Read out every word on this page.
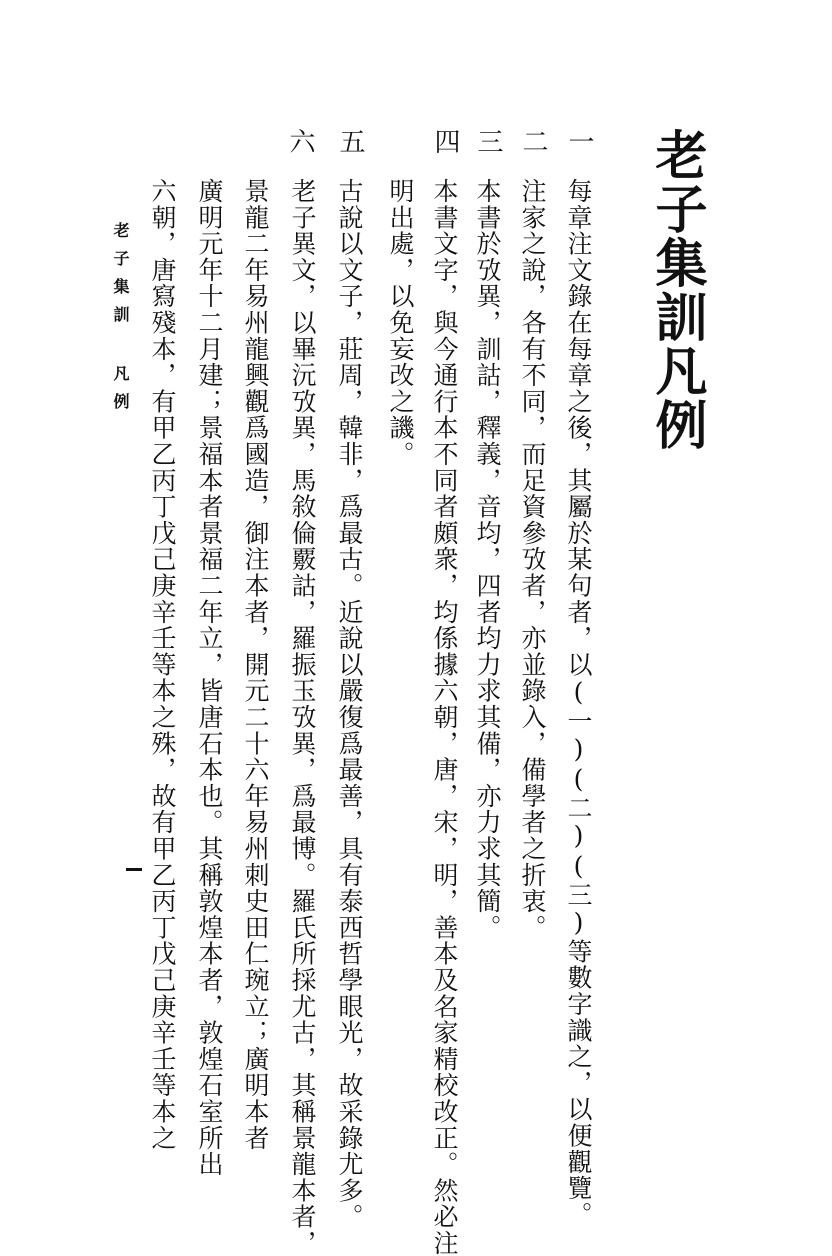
老子集訓凡例
老子集訓 凡例
一
二
三
四
五
六
每章注文錄在每章之後，其屬於某句者，以(一)(二)(三)等數字識之，以便觀覽。
注家之說，各有不同，而足資參攷者，亦並錄入，備學者之折衷。
本書於攷異，訓詁，釋義，音均，四者均力求其備，亦力求其簡。
本書文字，與今通行本不同者頗衆，均係據六朝，唐，宋，明，善本及名家精校改正。然必注
明出處，以免妄改之譏。
古說以文子，莊周，韓非，爲最古。近說以嚴復爲最善，具有泰西哲學眼光，故采錄尤多。
老子異文，以畢沅攷異，馬敘倫覈詁，羅振玉攷異，爲最博。羅氏所採尤古，其稱景龍本者，
景龍二年易州龍興觀爲國造，御注本者，開元二十六年易州刺史田仁琬立；廣明本者
廣明元年十二月建；景福本者景福二年立，皆唐石本也。其稱敦煌本者，敦煌石室所出
六朝，唐寫殘本，有甲乙丙丁戊己庚辛壬等本之殊，故有甲乙丙丁戊己庚辛壬等本之
